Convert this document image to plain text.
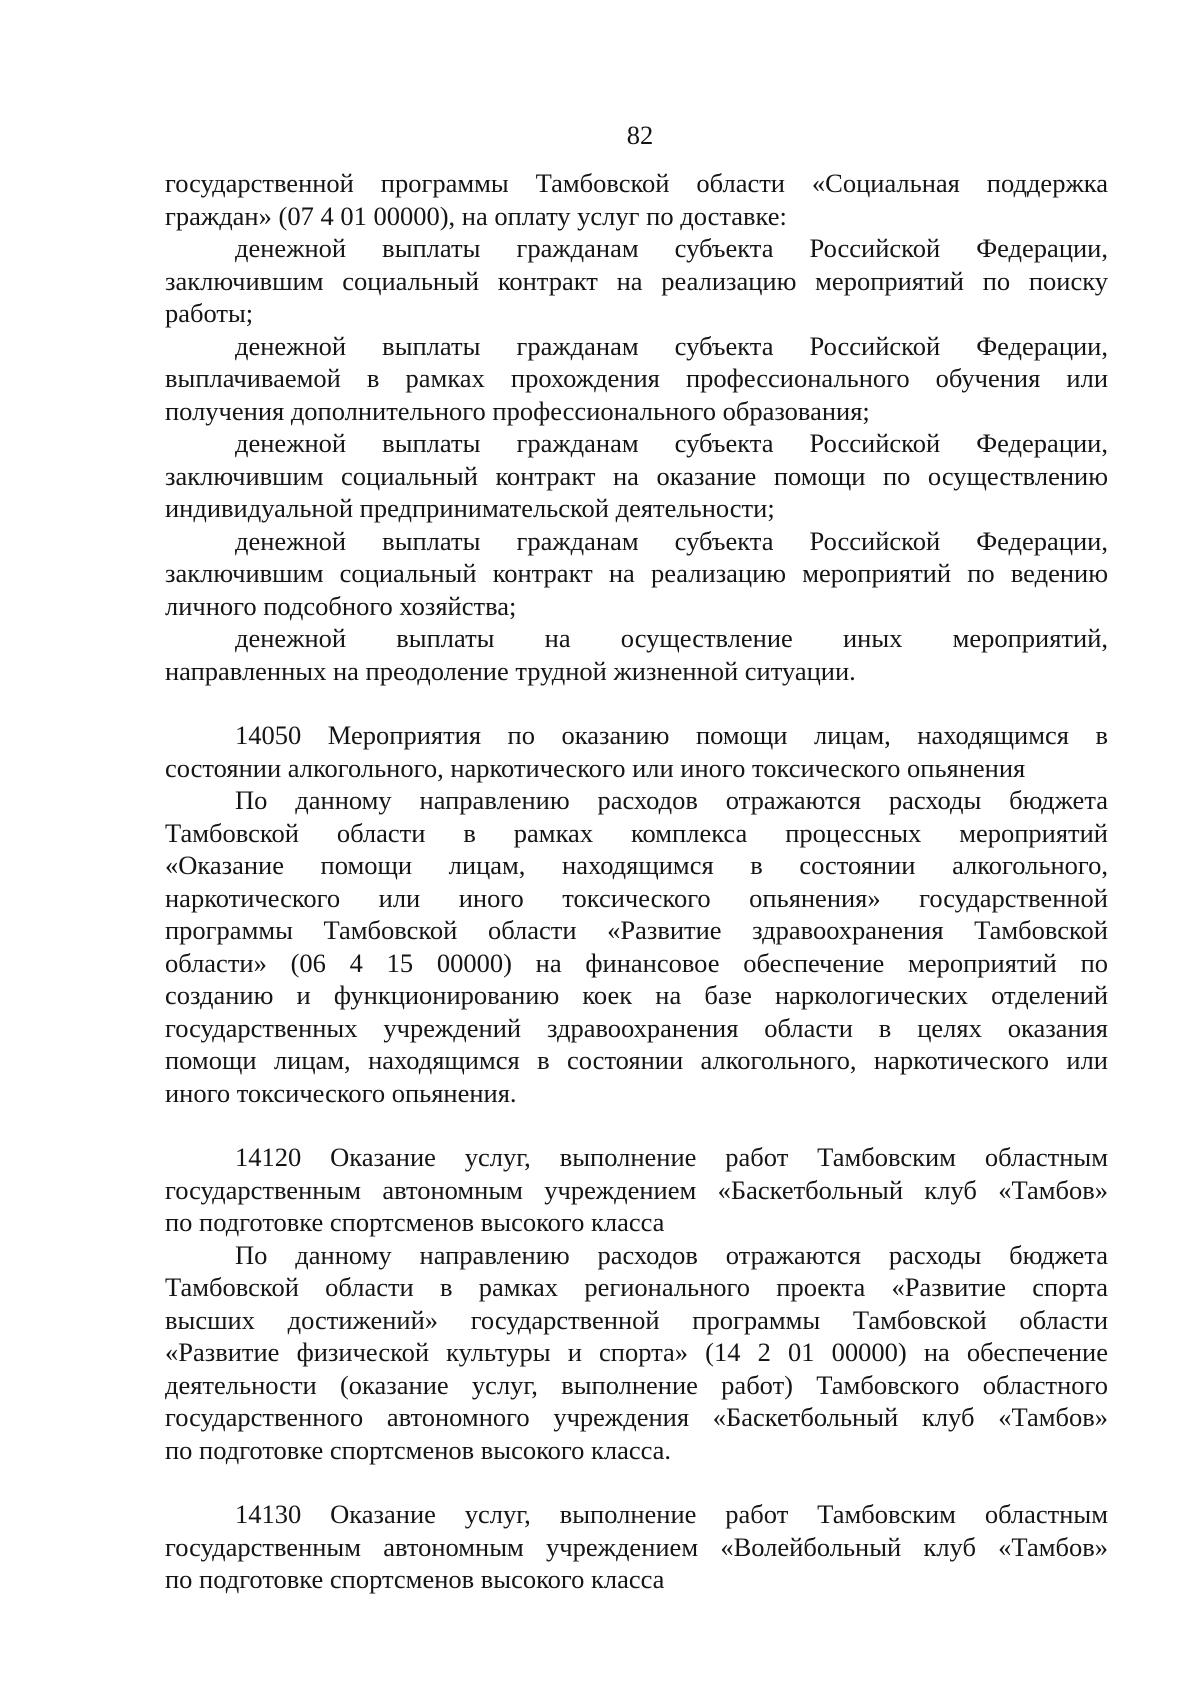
82
государственной программы Тамбовской области «Социальная поддержка
граждан» (07 4 01 00000), на оплату услуг по доставке:
денежной выплаты гражданам субъекта Российской Федерации,
заключившим социальный контракт на реализацию мероприятий по поиску
работы;
денежной выплаты гражданам субъекта Российской Федерации,
выплачиваемой в рамках прохождения профессионального обучения или
получения дополнительного профессионального образования;
денежной выплаты гражданам субъекта Российской Федерации,
заключившим социальный контракт на оказание помощи по осуществлению
индивидуальной предпринимательской деятельности;
денежной выплаты гражданам субъекта Российской Федерации,
заключившим социальный контракт на реализацию мероприятий по ведению
личного подсобного хозяйства;
денежной выплаты на осуществление иных мероприятий,
направленных на преодоление трудной жизненной ситуации.
14050 Мероприятия по оказанию помощи лицам, находящимся в
состоянии алкогольного, наркотического или иного токсического опьянения
По данному направлению расходов отражаются расходы бюджета
Тамбовской области в рамках комплекса процессных мероприятий
«Оказание помощи лицам, находящимся в состоянии алкогольного,
наркотического или иного токсического опьянения» государственной
программы Тамбовской области «Развитие здравоохранения Тамбовской
области» (06 4 15 00000) на финансовое обеспечение мероприятий по
созданию и функционированию коек на базе наркологических отделений
государственных учреждений здравоохранения области в целях оказания
помощи лицам, находящимся в состоянии алкогольного, наркотического или
иного токсического опьянения.
14120 Оказание услуг, выполнение работ Тамбовским областным
государственным автономным учреждением «Баскетбольный клуб «Тамбов»
по подготовке спортсменов высокого класса
По данному направлению расходов отражаются расходы бюджета
Тамбовской области в рамках регионального проекта «Развитие спорта
высших достижений» государственной программы Тамбовской области
«Развитие физической культуры и спорта» (14 2 01 00000) на обеспечение
деятельности (оказание услуг, выполнение работ) Тамбовского областного
государственного автономного учреждения «Баскетбольный клуб «Тамбов»
по подготовке спортсменов высокого класса.
14130 Оказание услуг, выполнение работ Тамбовским областным
государственным автономным учреждением «Волейбольный клуб «Тамбов»
по подготовке спортсменов высокого класса
